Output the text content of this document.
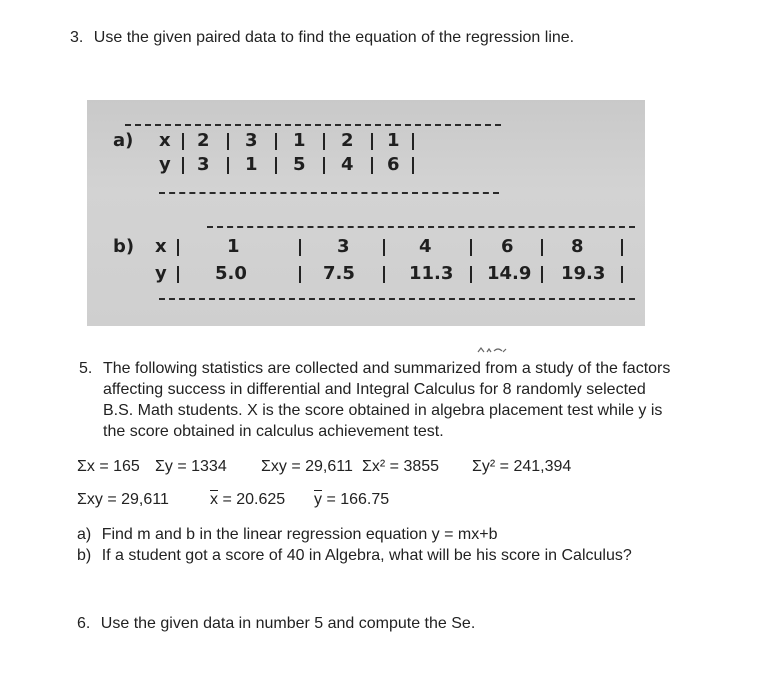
3. Use the given paired data to find the equation of the regression line.
a) x
y
2
3
3
1
1
5
2
4
1
6
b) x
y
1
5.0
3
7.5
4
11.3
6
14.9
8
19.3
5. The following statistics are collected and summarized from a study of the factors
affecting success in differential and Integral Calculus for 8 randomly selected
B.S. Math students. X is the score obtained in algebra placement test while y is
the score obtained in calculus achievement test.
Σx = 165 Σy = 1334 Σxy = 29,611 Σx² = 3855 Σy² = 241,394
Σxy = 29,611	$\overline{x} = 20.625$ $\overline{y} = 166.75$
a) Find m and b in the linear regression equation y = mx+b
b) If a student got a score of 40 in Algebra, what will be his score in Calculus?
6. Use the given data in number 5 and compute the Se.
